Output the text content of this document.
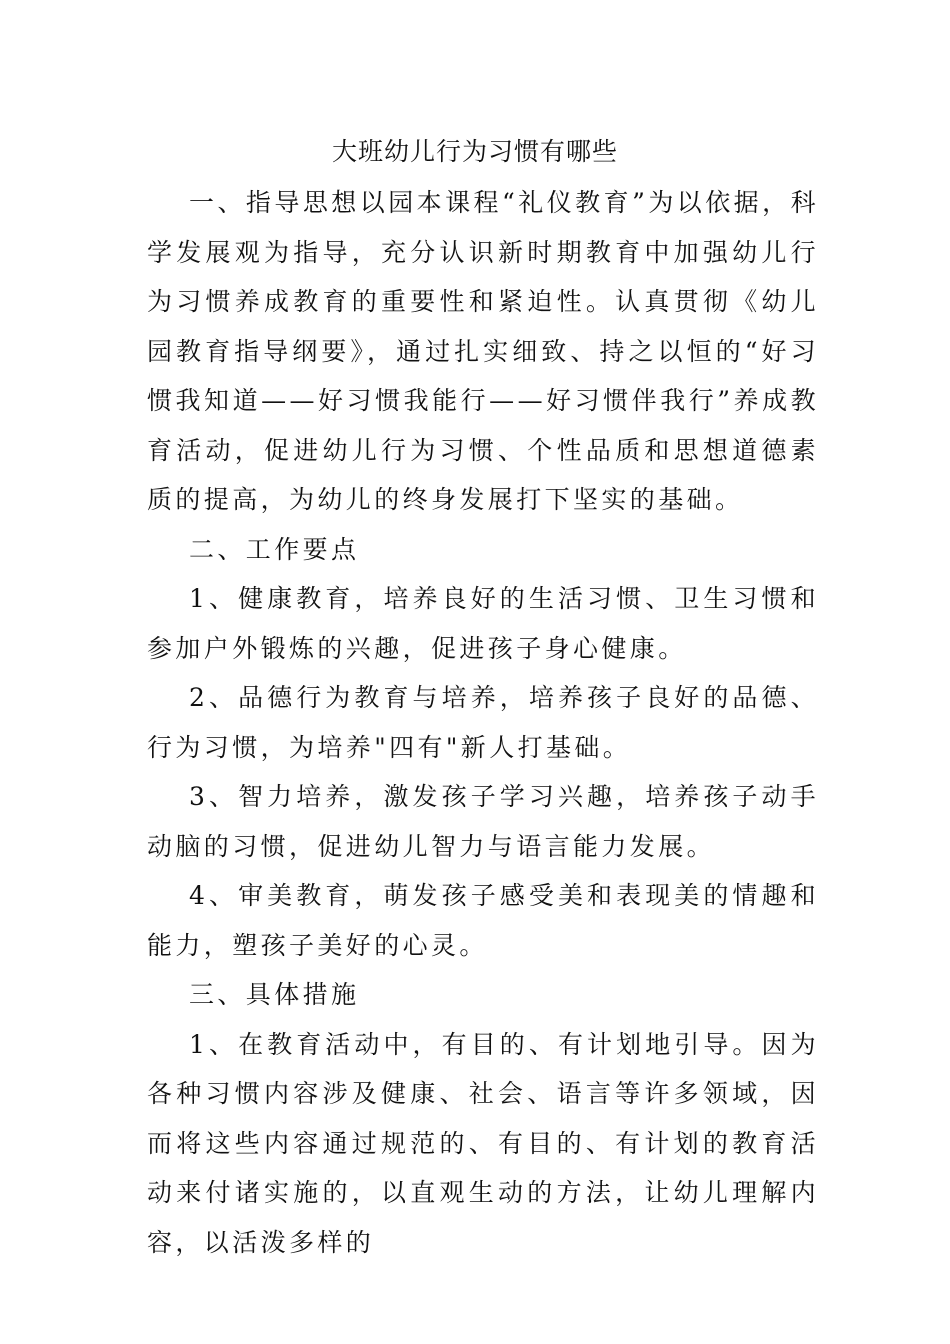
大班幼儿行为习惯有哪些

一、指导思想以园本课程“礼仪教育”为以依据，科学发展观为指导，充分认识新时期教育中加强幼儿行为习惯养成教育的重要性和紧迫性。认真贯彻《幼儿园教育指导纲要》，通过扎实细致、持之以恒的“好习惯我知道——好习惯我能行——好习惯伴我行”养成教育活动，促进幼儿行为习惯、个性品质和思想道德素质的提高，为幼儿的终身发展打下坚实的基础。

二、工作要点

1、健康教育，培养良好的生活习惯、卫生习惯和参加户外锻炼的兴趣，促进孩子身心健康。

2、品德行为教育与培养，培养孩子良好的品德、行为习惯，为培养"四有"新人打基础。

3、智力培养，激发孩子学习兴趣，培养孩子动手动脑的习惯，促进幼儿智力与语言能力发展。

4、审美教育，萌发孩子感受美和表现美的情趣和能力，塑孩子美好的心灵。

三、具体措施

1、在教育活动中，有目的、有计划地引导。因为各种习惯内容涉及健康、社会、语言等许多领域，因而将这些内容通过规范的、有目的、有计划的教育活动来付诸实施的，以直观生动的方法，让幼儿理解内容，以活泼多样的
